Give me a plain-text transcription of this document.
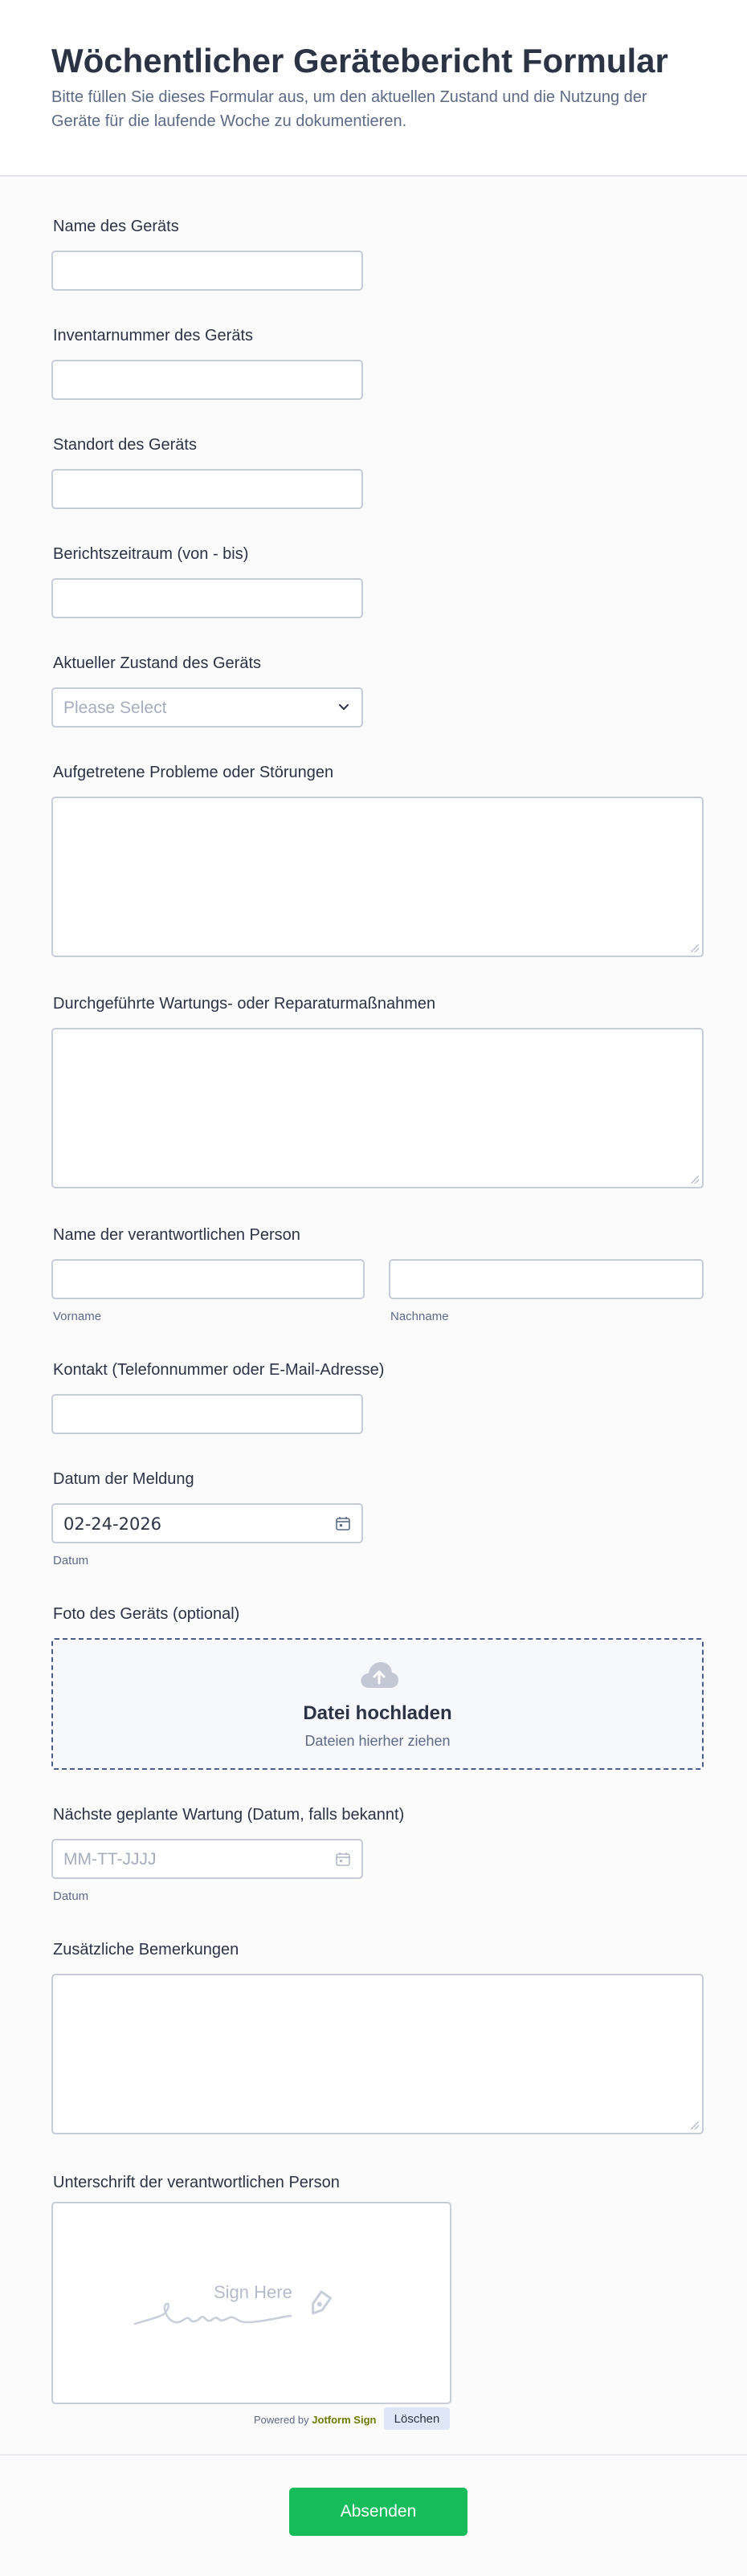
Wöchentlicher Gerätebericht Formular

Bitte füllen Sie dieses Formular aus, um den aktuellen Zustand und die Nutzung der Geräte für die laufende Woche zu dokumentieren.

Name des Geräts
Inventarnummer des Geräts
Standort des Geräts
Berichtszeitraum (von - bis)
Aktueller Zustand des Geräts
Please Select
Aufgetretene Probleme oder Störungen
Durchgeführte Wartungs- oder Reparaturmaßnahmen
Name der verantwortlichen Person
Vorname	Nachname
Kontakt (Telefonnummer oder E-Mail-Adresse)
Datum der Meldung
02-24-2026
Datum
Foto des Geräts (optional)
Datei hochladen
Dateien hierher ziehen
Nächste geplante Wartung (Datum, falls bekannt)
MM-TT-JJJJ
Datum
Zusätzliche Bemerkungen
Unterschrift der verantwortlichen Person
Sign Here
Powered by Jotform Sign	Löschen
Absenden
